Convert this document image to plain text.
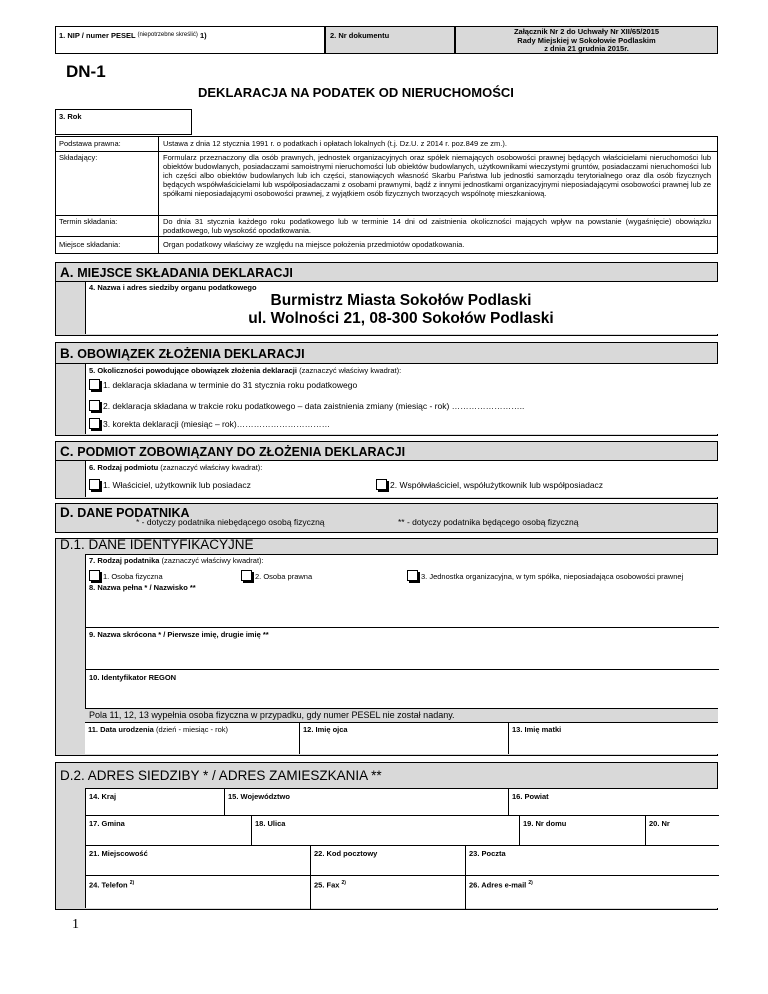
1. NIP / numer PESEL $^{(niepotrzebne skreślić)}$ 1)	2. Nr dokumentu	Załącznik Nr 2 do Uchwały Nr XII/65/2015
Rady Miejskiej w Sokołowie Podlaskim
z dnia 21 grudnia 2015r.
DN-1
DEKLARACJA NA PODATEK OD NIERUCHOMOŚCI
3. Rok
Podstawa prawna:	Ustawa z dnia 12 stycznia 1991 r. o podatkach i opłatach lokalnych (t.j. Dz.U. z 2014 r. poz.849 ze zm.).
Składający:	Formularz przeznaczony dla osób prawnych, jednostek organizacyjnych oraz spółek niemających osobowości prawnej będących właścicielami nieruchomości lub obiektów budowlanych, posiadaczami samoistnymi nieruchomości lub obiektów budowlanych, użytkownikami wieczystymi gruntów, posiadaczami nieruchomości lub ich części albo obiektów budowlanych lub ich części, stanowiących własność Skarbu Państwa lub jednostki samorządu terytorialnego oraz dla osób fizycznych będących współwłaścicielami lub współposiadaczami z osobami prawnymi, bądź z innymi jednostkami organizacyjnymi nieposiadającymi osobowości prawnej lub ze spółkami nieposiadającymi osobowości prawnej, z wyjątkiem osób fizycznych tworzących wspólnotę mieszkaniową.
Termin składania:	Do dnia 31 stycznia każdego roku podatkowego lub w terminie 14 dni od zaistnienia okoliczności mających wpływ na powstanie (wygaśnięcie) obowiązku podatkowego, lub wysokość opodatkowania.
Miejsce składania:	Organ podatkowy właściwy ze względu na miejsce położenia przedmiotów opodatkowania.
A. MIEJSCE SKŁADANIA DEKLARACJI
4. Nazwa i adres siedziby organu podatkowego
Burmistrz Miasta Sokołów Podlaski
ul. Wolności 21, 08-300 Sokołów Podlaski
B. OBOWIĄZEK ZŁOŻENIA DEKLARACJI
5. Okoliczności powodujące obowiązek złożenia deklaracji (zaznaczyć właściwy kwadrat):
1. deklaracja składana w terminie do 31 stycznia roku podatkowego
2. deklaracja składana w trakcie roku podatkowego – data zaistnienia zmiany (miesiąc - rok) ……………………..
3. korekta deklaracji (miesiąc – rok)……………………………
C. PODMIOT ZOBOWIĄZANY DO ZŁOŻENIA DEKLARACJI
6. Rodzaj podmiotu (zaznaczyć właściwy kwadrat):
1. Właściciel, użytkownik lub posiadacz	2. Współwłaściciel, współużytkownik lub współposiadacz
D. DANE PODATNIKA
* - dotyczy podatnika niebędącego osobą fizyczną	** - dotyczy podatnika będącego osobą fizyczną
D.1. DANE IDENTYFIKACYJNE
7. Rodzaj podatnika (zaznaczyć właściwy kwadrat):
1. Osoba fizyczna	2. Osoba prawna	3. Jednostka organizacyjna, w tym spółka, nieposiadająca osobowości prawnej
8. Nazwa pełna * / Nazwisko **
9. Nazwa skrócona * / Pierwsze imię, drugie imię **
10. Identyfikator REGON
Pola 11, 12, 13 wypełnia osoba fizyczna w przypadku, gdy numer PESEL nie został nadany.
11. Data urodzenia (dzień - miesiąc - rok)	12. Imię ojca	13. Imię matki
D.2. ADRES SIEDZIBY * / ADRES ZAMIESZKANIA **
14. Kraj	15. Województwo	16. Powiat
17. Gmina	18. Ulica	19. Nr domu	20. Nr
21. Miejscowość	22. Kod pocztowy	23. Poczta
24. Telefon $^{2)}$	25. Fax $^{2)}$	26. Adres e-mail $^{2)}$
1
